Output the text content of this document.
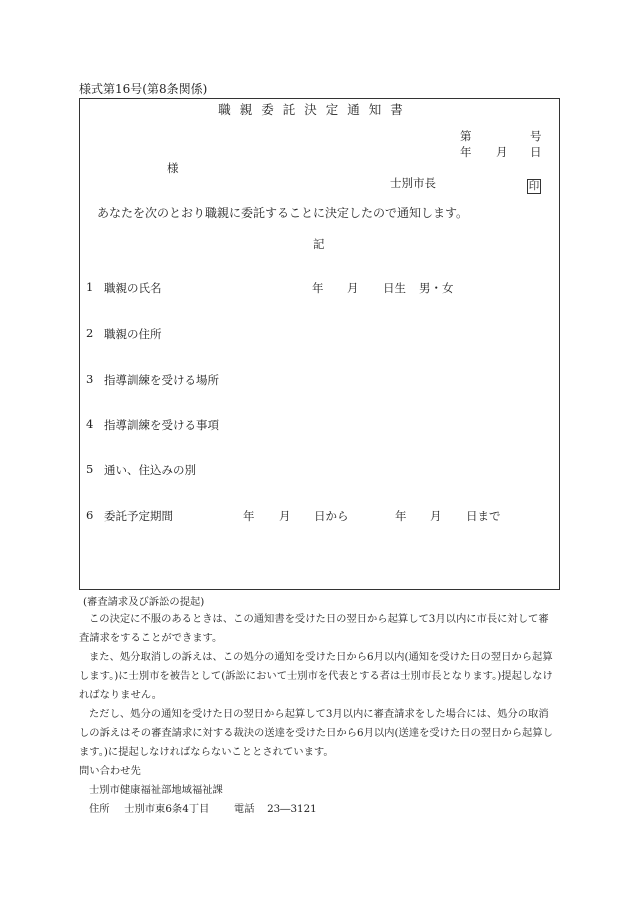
様式第16号(第8条関係)
職親委託決定通知書
第	号
年 月 日
様
士別市長	印
あなたを次のとおり職親に委託することに決定したので通知します。
記
1 職親の氏名	年 月 日生 男・女
2 職親の住所
3 指導訓練を受ける場所
4 指導訓練を受ける事項
5 通い、住込みの別
6 委託予定期間	年 月 日から	年 月 日まで
(審査請求及び訴訟の提起)
この決定に不服のあるときは、この通知書を受けた日の翌日から起算して3月以内に市長に対して審査請求をすることができます。
また、処分取消しの訴えは、この処分の通知を受けた日から6月以内(通知を受けた日の翌日から起算します。)に士別市を被告として(訴訟において士別市を代表とする者は士別市長となります。)提起しなければなりません。
ただし、処分の通知を受けた日の翌日から起算して3月以内に審査請求をした場合には、処分の取消しの訴えはその審査請求に対する裁決の送達を受けた日から6月以内(送達を受けた日の翌日から起算します。)に提起しなければならないこととされています。
問い合わせ先
士別市健康福祉部地域福祉課
住所 士別市東6条4丁目 電話 23―3121
